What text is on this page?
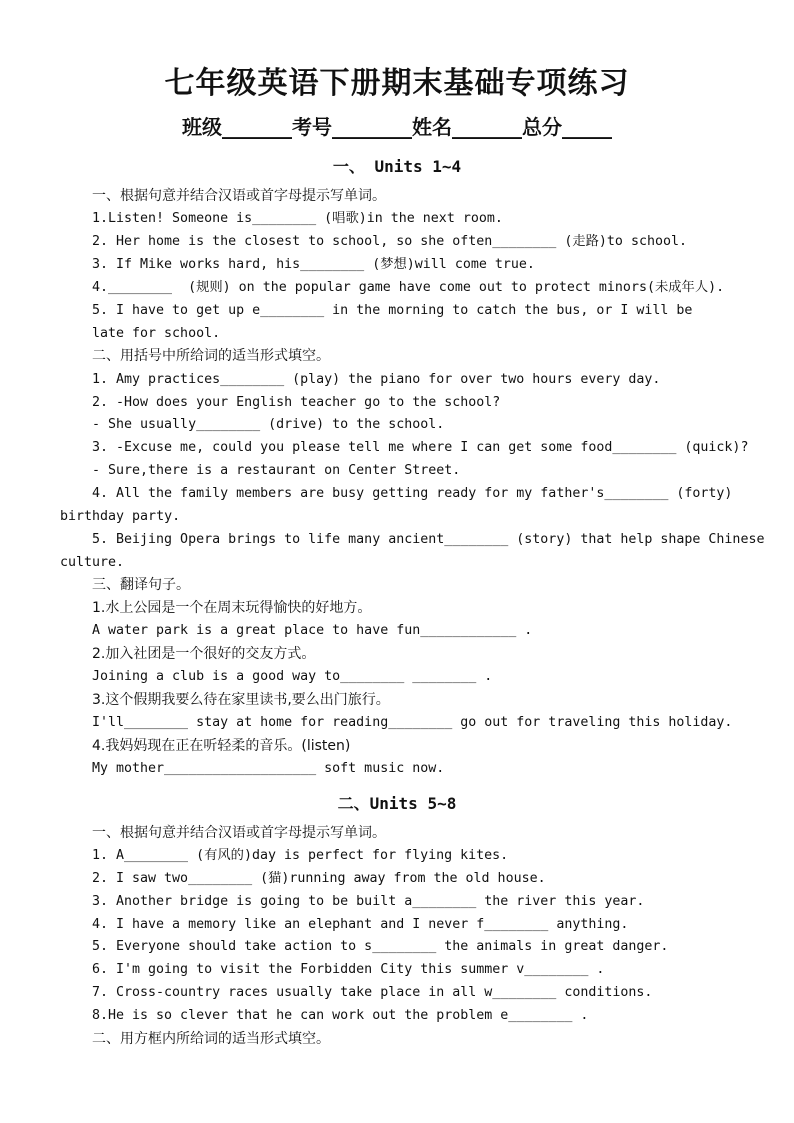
七年级英语下册期末基础专项练习
班级_______考号________姓名_______总分_____
一、 Units 1~4
一、根据句意并结合汉语或首字母提示写单词。
1.Listen! Someone is________ (唱歌)in the next room.
2. Her home is the closest to school, so she often________ (走路)to school.
3. If Mike works hard, his________ (梦想)will come true.
4.________  (规则) on the popular game have come out to protect minors(未成年人).
5. I have to get up e________ in the morning to catch the bus, or I will be
late for school.
二、用括号中所给词的适当形式填空。
1. Amy practices________ (play) the piano for over two hours every day.
2. -How does your English teacher go to the school?
- She usually________ (drive) to the school.
3. -Excuse me, could you please tell me where I can get some food________ (quick)?
- Sure,there is a restaurant on Center Street.
4. All the family members are busy getting ready for my father's________ (forty)
birthday party.
5. Beijing Opera brings to life many ancient________ (story) that help shape Chinese
culture.
三、翻译句子。
1.水上公园是一个在周末玩得愉快的好地方。
A water park is a great place to have fun____________ .
2.加入社团是一个很好的交友方式。
Joining a club is a good way to________ ________ .
3.这个假期我要么待在家里读书,要么出门旅行。
I'll________ stay at home for reading________ go out for traveling this holiday.
4.我妈妈现在正在听轻柔的音乐。(listen)
My mother___________________ soft music now.
二、Units 5~8
一、根据句意并结合汉语或首字母提示写单词。
1. A________ (有风的)day is perfect for flying kites.
2. I saw two________ (猫)running away from the old house.
3. Another bridge is going to be built a________ the river this year.
4. I have a memory like an elephant and I never f________ anything.
5. Everyone should take action to s________ the animals in great danger.
6. I'm going to visit the Forbidden City this summer v________ .
7. Cross-country races usually take place in all w________ conditions.
8.He is so clever that he can work out the problem e________ .
二、用方框内所给词的适当形式填空。
